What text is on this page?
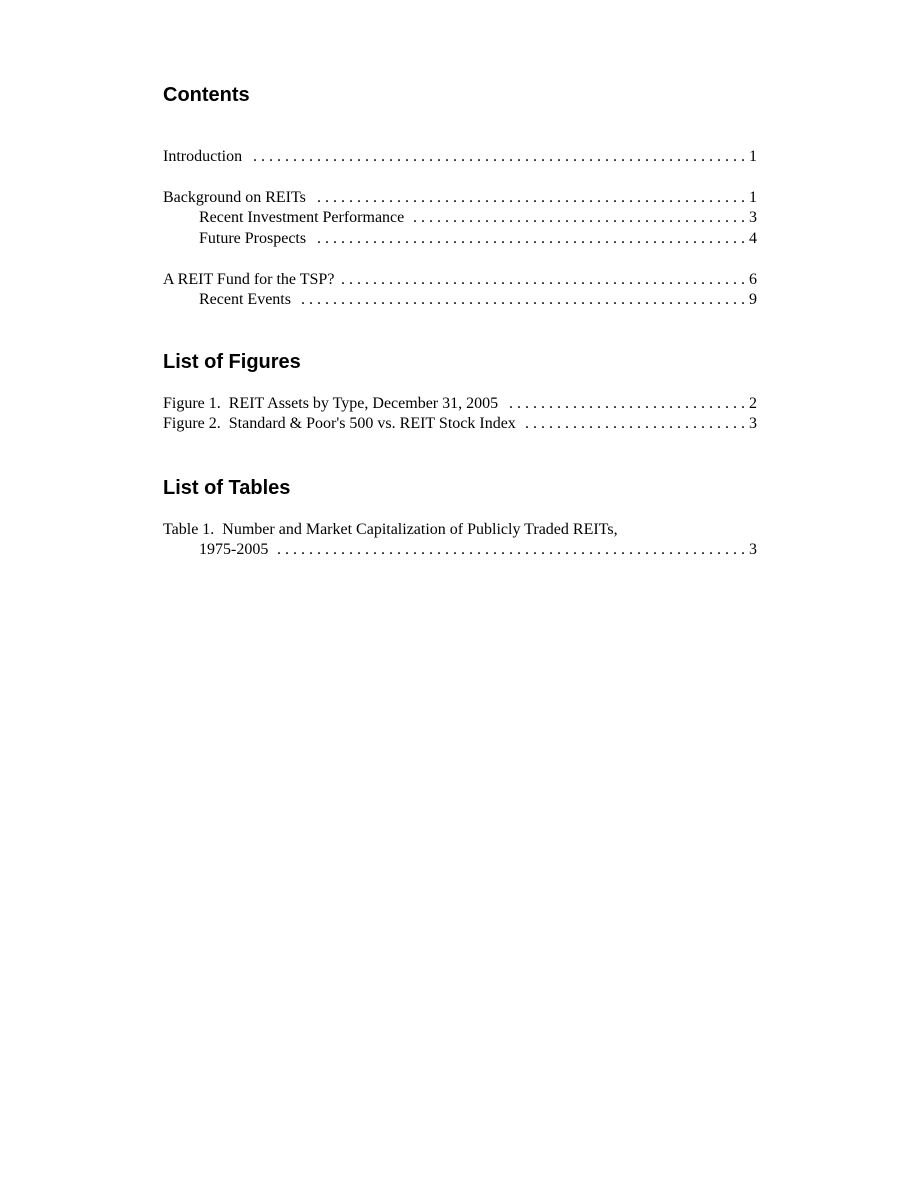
Contents
Introduction . . .	1
Background on REITs . . .	1
Recent Investment Performance . . .	3
Future Prospects . . .	4
A REIT Fund for the TSP? . . .	6
Recent Events . . .	9
List of Figures
Figure 1.  REIT Assets by Type, December 31, 2005 . . .	2
Figure 2.  Standard & Poor's 500 vs. REIT Stock Index . . .	3
List of Tables
Table 1.  Number and Market Capitalization of Publicly Traded REITs,
1975-2005 . . .	3
